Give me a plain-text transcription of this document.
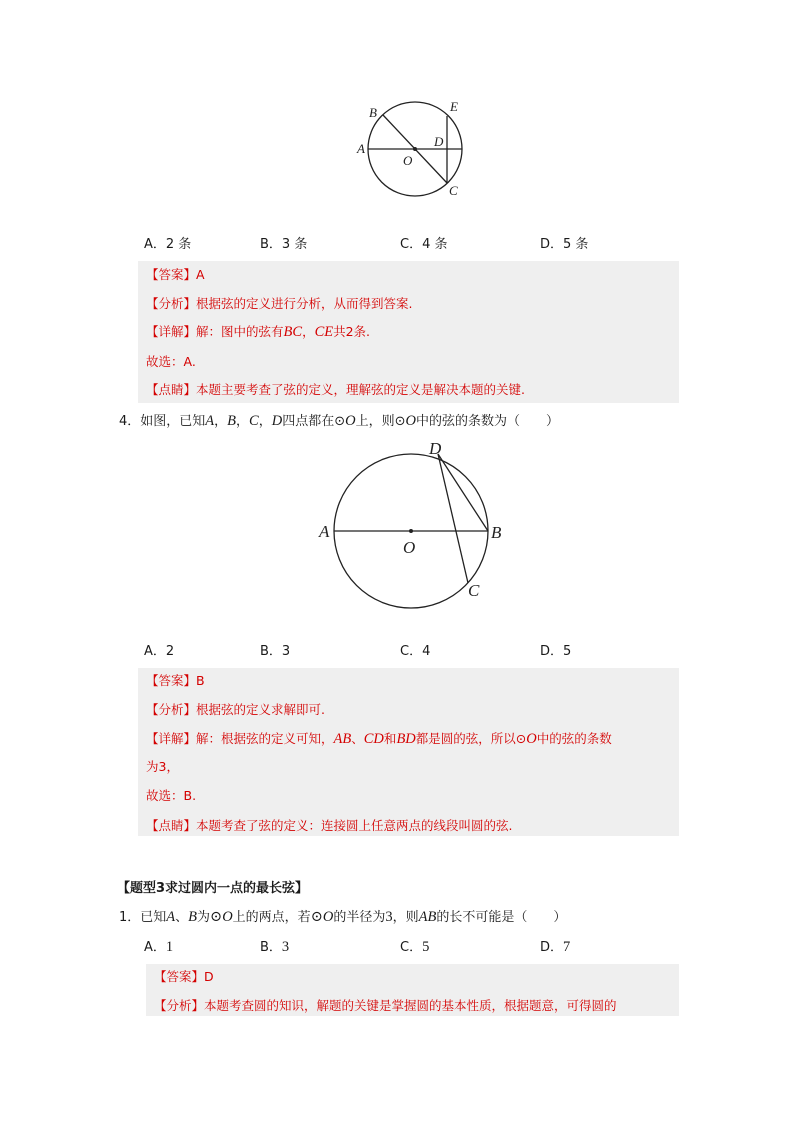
A
B
O
D
E
C
A．2 条	B．3 条	C．4 条	D．5 条
【答案】A
【分析】根据弦的定义进行分析，从而得到答案.
【详解】解：图中的弦有BC，CE共2条.
故选：A.
【点睛】本题主要考查了弦的定义，理解弦的定义是解决本题的关键.
4．如图，已知A，B，C，D四点都在⊙O上，则⊙O中的弦的条数为（　　）
A	B
O
D
C
A．2	B．3	C．4	D．5
【答案】B
【分析】根据弦的定义求解即可.
【详解】解：根据弦的定义可知，AB、CD和BD都是圆的弦，所以⊙O中的弦的条数
为3，
故选：B.
【点睛】本题考查了弦的定义：连接圆上任意两点的线段叫圆的弦.
【题型3求过圆内一点的最长弦】
1．已知A、B为⊙O上的两点，若⊙O的半径为3，则AB的长不可能是（　　）
A．1	B．3	C．5	D．7
【答案】D
【分析】本题考查圆的知识，解题的关键是掌握圆的基本性质，根据题意，可得圆的
